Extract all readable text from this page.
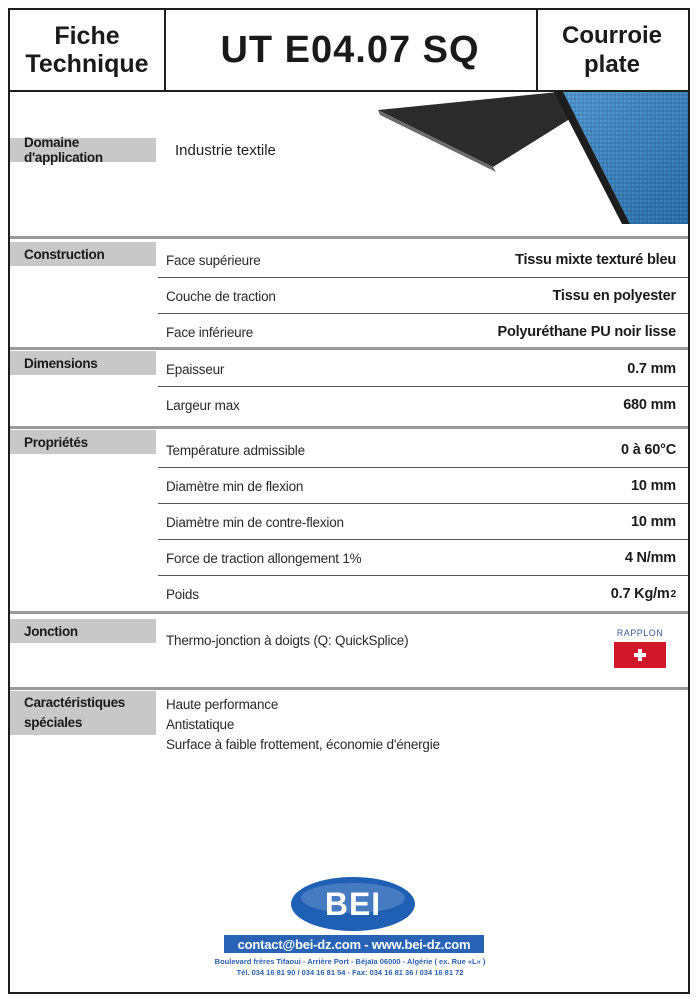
Fiche
Technique	UT E04.07 SQ	Courroie
plate
Domaine d'application	Industrie textile
Construction	Face supérieure	Tissu mixte texturé bleu
Couche de traction	Tissu en polyester
Face inférieure	Polyuréthane PU noir lisse
Dimensions	Epaisseur	0.7 mm
Largeur max	680 mm
Propriétés
Température admissible	0 à 60°C
Diamètre min de flexion	10 mm
Diamètre min de contre-flexion	10 mm
Force de traction allongement 1%	4 N/mm
Poids	0.7 Kg/m 2
Jonction
Thermo-jonction à doigts (Q: QuickSplice)	RAPPLON
Caractéristiques
spéciales
Haute performance
Antistatique
Surface à faible frottement, économie d'énergie
BEI
contact@bei-dz.com - www.bei-dz.com
Boulevard frères Tifaoui - Arrière Port - Béjaïa 06000 - Algérie ( ex. Rue «L» )
Tél. 034 16 81 90 / 034 16 81 54 - Fax: 034 16 81 36 / 034 16 81 72
